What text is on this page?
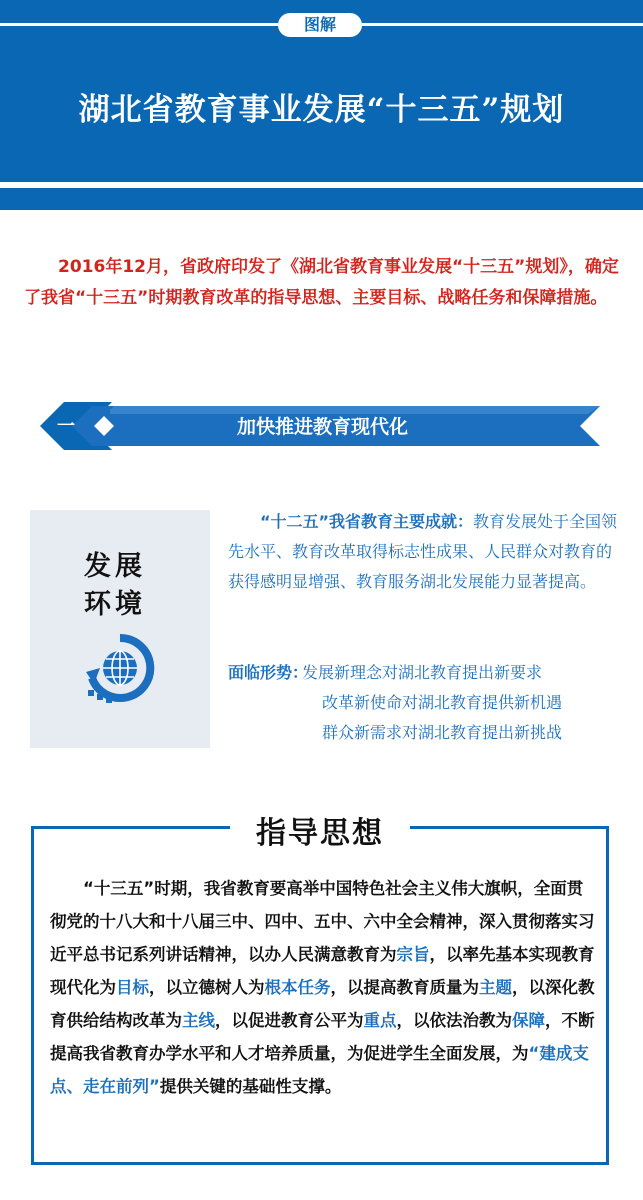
图解
湖北省教育事业发展“十三五”规划

2016年12月，省政府印发了《湖北省教育事业发展“十三五”规划》，确定了我省“十三五”时期教育改革的指导思想、主要目标、战略任务和保障措施。

一	加快推进教育现代化
发展
环境

“十二五”我省教育主要成就：教育发展处于全国领先水平、教育改革取得标志性成果、人民群众对教育的获得感明显增强、教育服务湖北发展能力显著提高。

面临形势：
发展新理念对湖北教育提出新要求
改革新使命对湖北教育提供新机遇
群众新需求对湖北教育提出新挑战
指导思想

“十三五”时期，我省教育要高举中国特色社会主义伟大旗帜，全面贯彻党的十八大和十八届三中、四中、五中、六中全会精神，深入贯彻落实习近平总书记系列讲话精神，以办人民满意教育为宗旨，以率先基本实现教育现代化为目标，以立德树人为根本任务，以提高教育质量为主题，以深化教育供给结构改革为主线，以促进教育公平为重点，以依法治教为保障，不断提高我省教育办学水平和人才培养质量，为促进学生全面发展，为“建成支点、走在前列”提供关键的基础性支撑。
